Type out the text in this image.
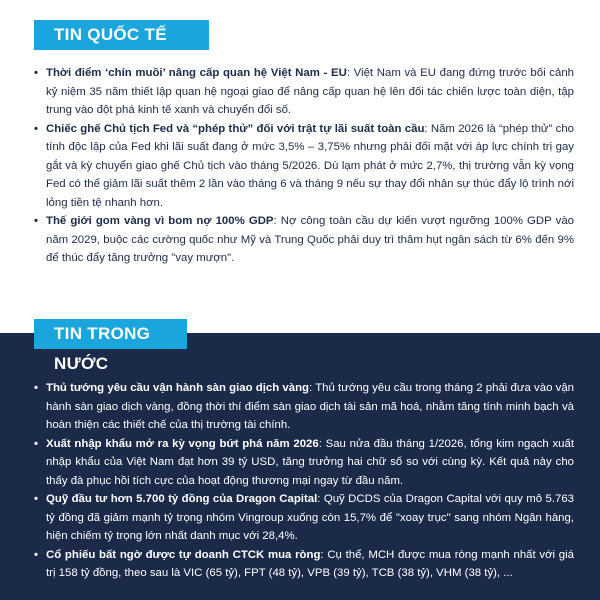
TIN QUỐC TẾ
• Thời điểm ‘chín muồi’ nâng cấp quan hệ Việt Nam - EU: Việt Nam và EU đang đứng trước bối cảnh kỷ niệm 35 năm thiết lập quan hệ ngoại giao để nâng cấp quan hệ lên đối tác chiến lược toàn diện, tập trung vào đột phá kinh tế xanh và chuyển đổi số.
• Chiếc ghế Chủ tịch Fed và “phép thử” đối với trật tự lãi suất toàn cầu: Năm 2026 là “phép thử” cho tính độc lập của Fed khi lãi suất đang ở mức 3,5% – 3,75% nhưng phải đối mặt với áp lực chính trị gay gắt và kỳ chuyển giao ghế Chủ tịch vào tháng 5/2026. Dù lạm phát ở mức 2,7%, thị trường vẫn kỳ vọng Fed có thể giảm lãi suất thêm 2 lần vào tháng 6 và tháng 9 nếu sự thay đổi nhân sự thúc đẩy lộ trình nới lỏng tiền tệ nhanh hơn.
• Thế giới gom vàng vì bom nợ 100% GDP: Nợ công toàn cầu dự kiến vượt ngưỡng 100% GDP vào năm 2029, buộc các cường quốc như Mỹ và Trung Quốc phải duy trì thâm hụt ngân sách từ 6% đến 9% để thúc đẩy tăng trưởng "vay mượn".
TIN TRONG NƯỚC
• Thủ tướng yêu cầu vận hành sàn giao dịch vàng: Thủ tướng yêu cầu trong tháng 2 phải đưa vào vận hành sàn giao dịch vàng, đồng thời thí điểm sàn giao dịch tài sản mã hoá, nhằm tăng tính minh bạch và hoàn thiện các thiết chế của thị trường tài chính.
• Xuất nhập khẩu mở ra kỳ vọng bứt phá năm 2026: Sau nửa đầu tháng 1/2026, tổng kim ngạch xuất nhập khẩu của Việt Nam đạt hơn 39 tỷ USD, tăng trưởng hai chữ số so với cùng kỳ. Kết quả này cho thấy đà phục hồi tích cực của hoạt động thương mại ngay từ đầu năm.
• Quỹ đầu tư hơn 5.700 tỷ đồng của Dragon Capital: Quỹ DCDS của Dragon Capital với quy mô 5.763 tỷ đồng đã giảm mạnh tỷ trọng nhóm Vingroup xuống còn 15,7% để "xoay trục" sang nhóm Ngân hàng, hiện chiếm tỷ trọng lớn nhất danh mục với 28,4%.
• Cổ phiếu bất ngờ được tự doanh CTCK mua ròng: Cụ thể, MCH được mua ròng mạnh nhất với giá trị 158 tỷ đồng, theo sau là VIC (65 tỷ), FPT (48 tỷ), VPB (39 tỷ), TCB (38 tỷ), VHM (38 tỷ), ...
